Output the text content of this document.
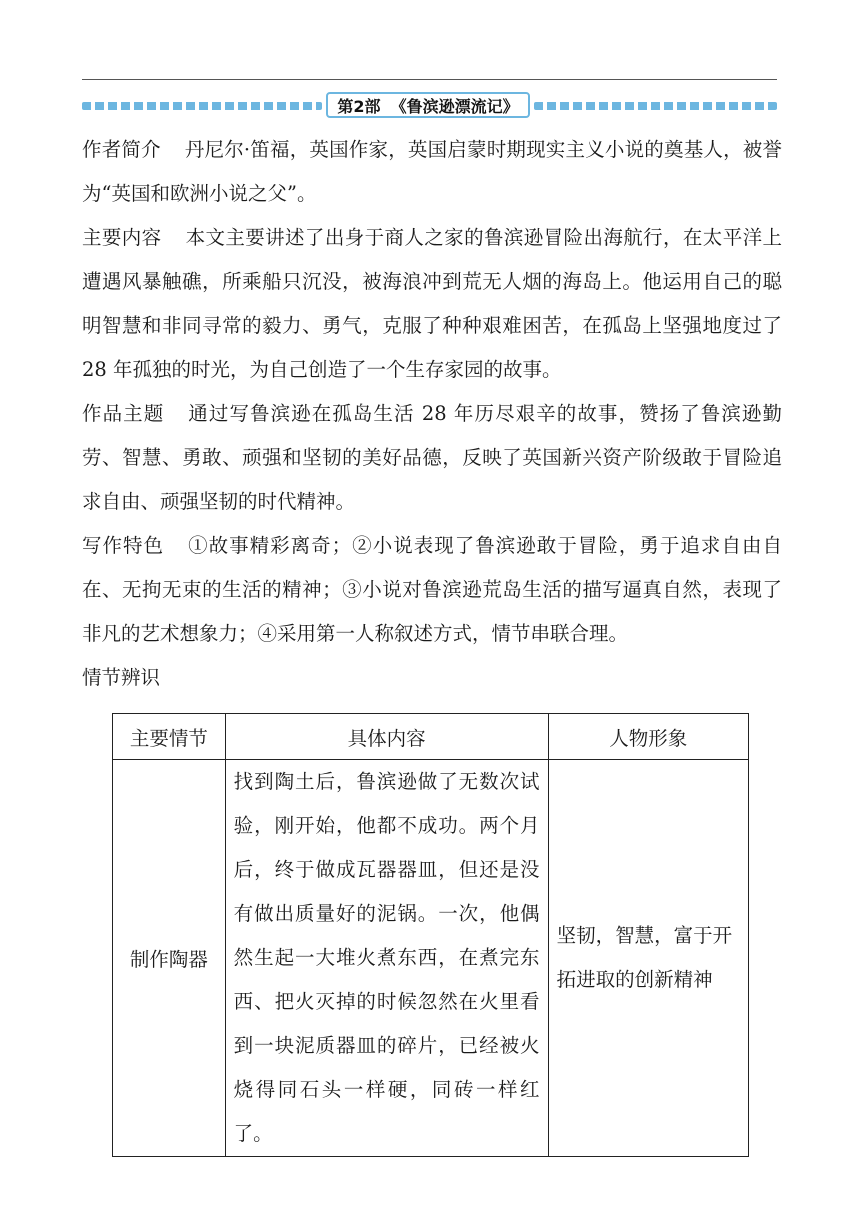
第2部 《鲁滨逊漂流记》

作者简介 丹尼尔·笛福，英国作家，英国启蒙时期现实主义小说的奠基人，被誉为“英国和欧洲小说之父”。

主要内容 本文主要讲述了出身于商人之家的鲁滨逊冒险出海航行，在太平洋上遭遇风暴触礁，所乘船只沉没，被海浪冲到荒无人烟的海岛上。他运用自己的聪明智慧和非同寻常的毅力、勇气，克服了种种艰难困苦，在孤岛上坚强地度过了 28 年孤独的时光，为自己创造了一个生存家园的故事。

作品主题 通过写鲁滨逊在孤岛生活 28 年历尽艰辛的故事，赞扬了鲁滨逊勤劳、智慧、勇敢、顽强和坚韧的美好品德，反映了英国新兴资产阶级敢于冒险追求自由、顽强坚韧的时代精神。

写作特色 ①故事精彩离奇；②小说表现了鲁滨逊敢于冒险，勇于追求自由自在、无拘无束的生活的精神；③小说对鲁滨逊荒岛生活的描写逼真自然，表现了非凡的艺术想象力；④采用第一人称叙述方式，情节串联合理。

情节辨识

主要情节	具体内容	人物形象
制作陶器	找到陶土后，鲁滨逊做了无数次试验，刚开始，他都不成功。两个月后，终于做成瓦器器皿，但还是没有做出质量好的泥锅。一次，他偶然生起一大堆火煮东西，在煮完东西、把火灭掉的时候忽然在火里看到一块泥质器皿的碎片，已经被火烧得同石头一样硬，同砖一样红了。	坚韧，智慧，富于开拓进取的创新精神
